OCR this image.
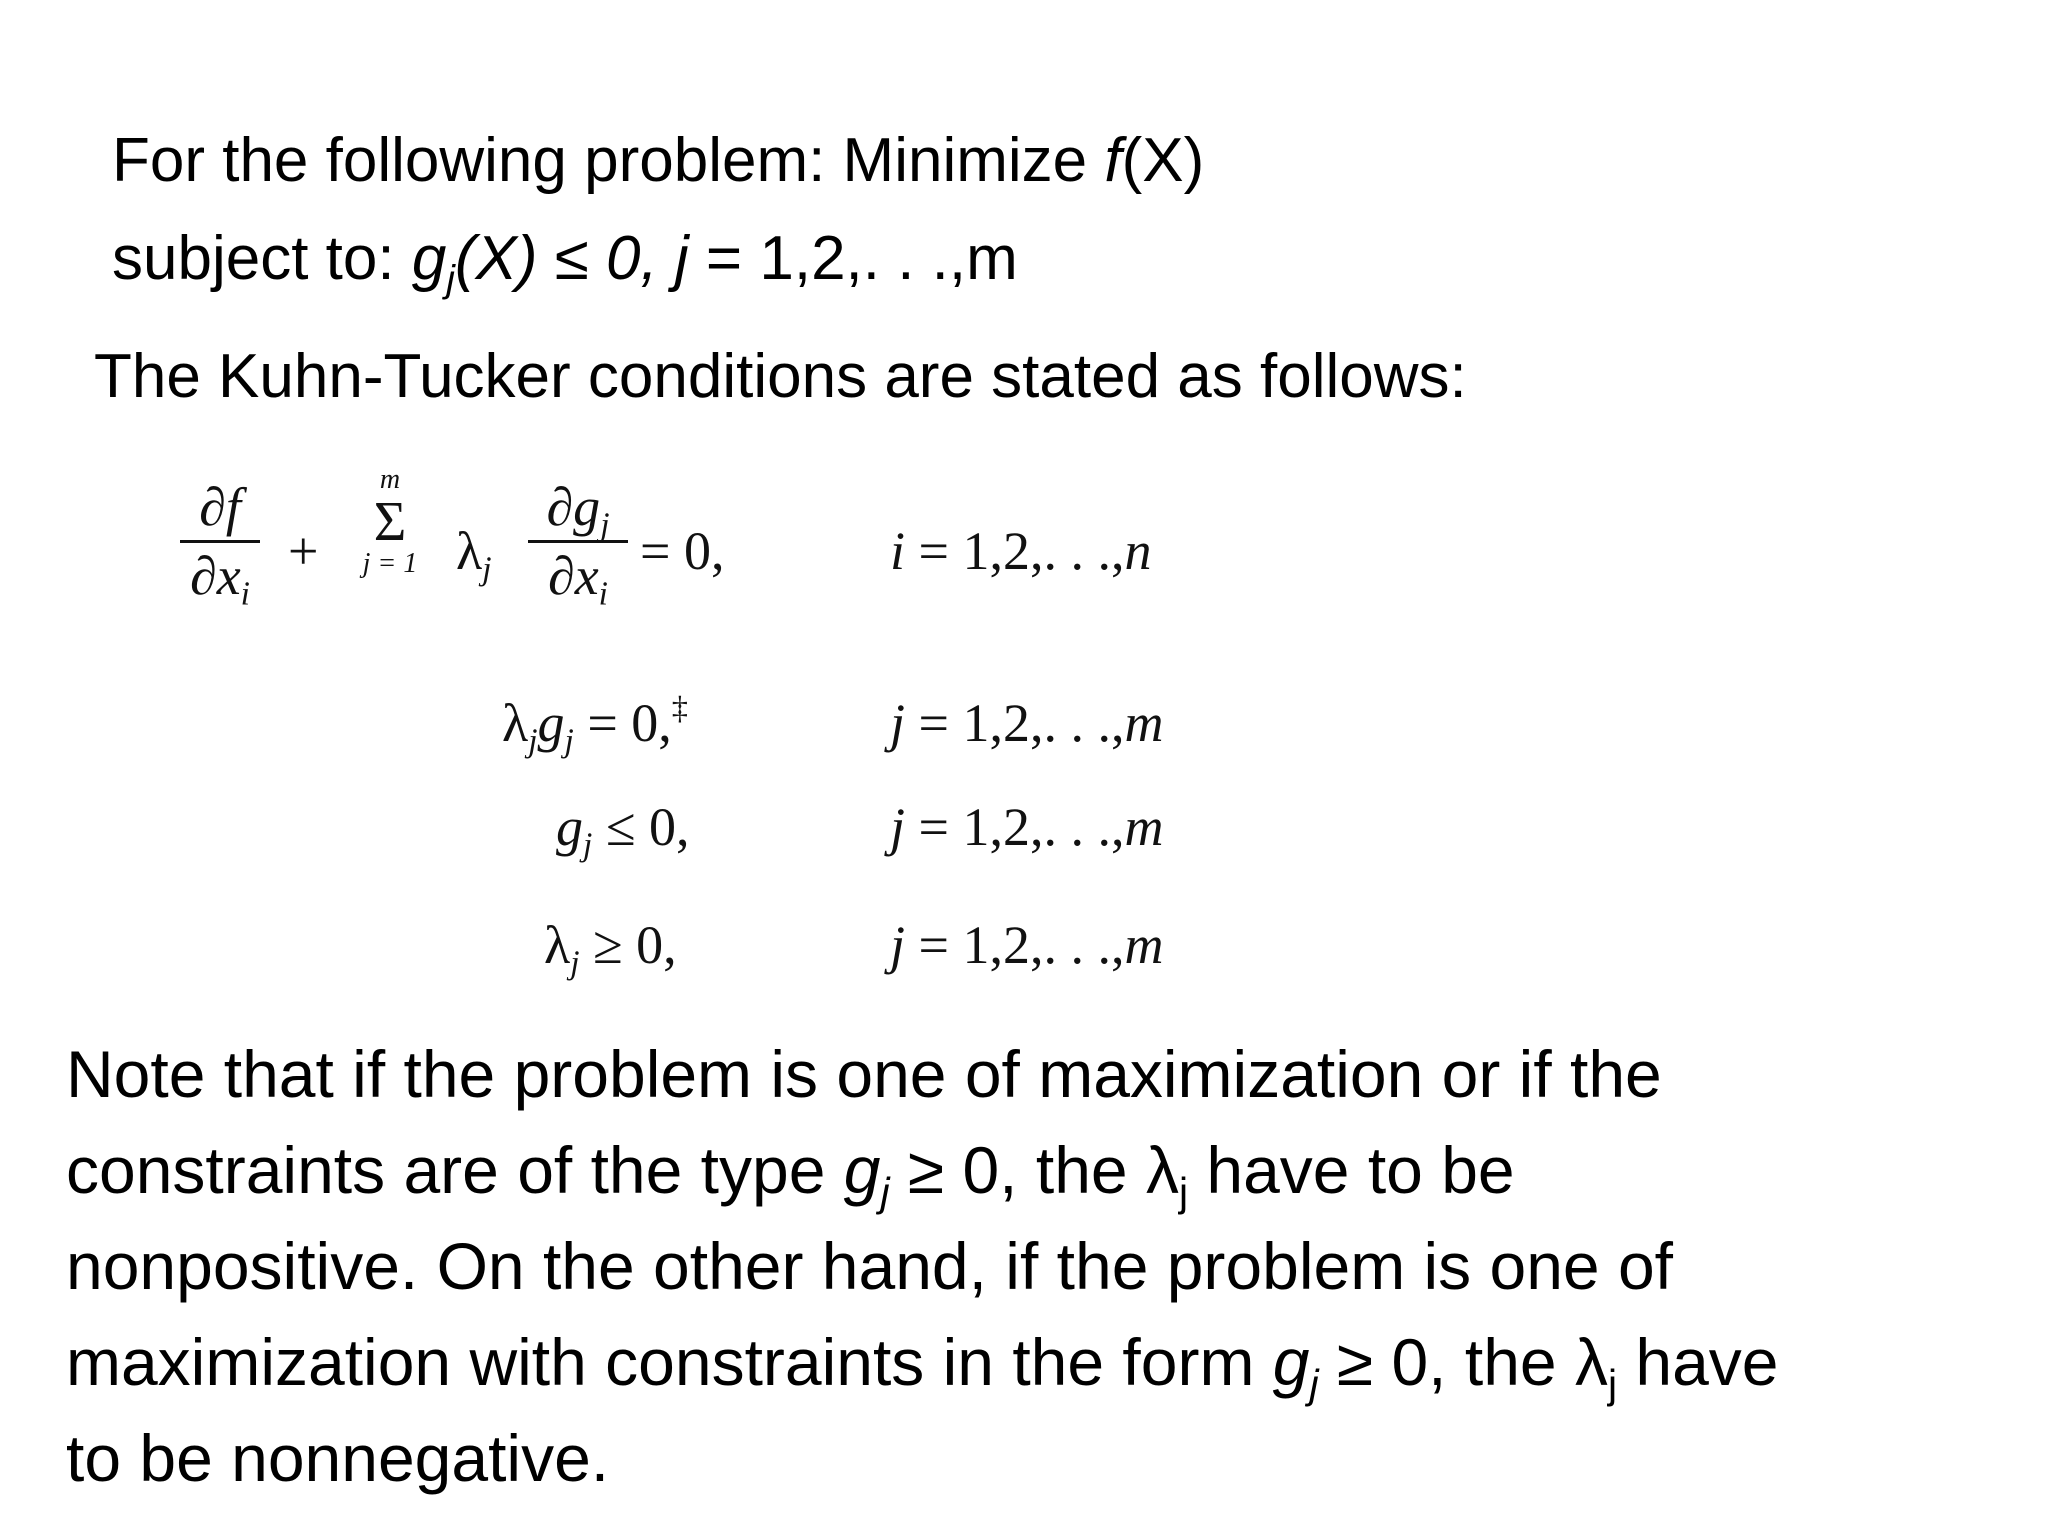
For the following problem: Minimize f(X)
subject to: $g_j(X) \le 0$, j = 1,2,. . .,m
The Kuhn-Tucker conditions are stated as follows:
∂f
$\partial x_i$
+
m
Σ
j = 1 $\lambda_j$
$\partial g_j$
$\partial x_i$
= 0,	i = 1,2,. . .,n
$\lambda_jg_j = 0,^\ddagger$	j = 1,2,. . .,m
$g_j \le 0$,	j = 1,2,. . .,m
$\lambda_j \ge 0$,	j = 1,2,. . .,m
Note that if the problem is one of maximization or if the
constraints are of the type $g_j \ge 0$, the $\lambda_j$ have to be
nonpositive. On the other hand, if the problem is one of
maximization with constraints in the form $g_j \ge 0$, the $\lambda_j$ have
to be nonnegative.
